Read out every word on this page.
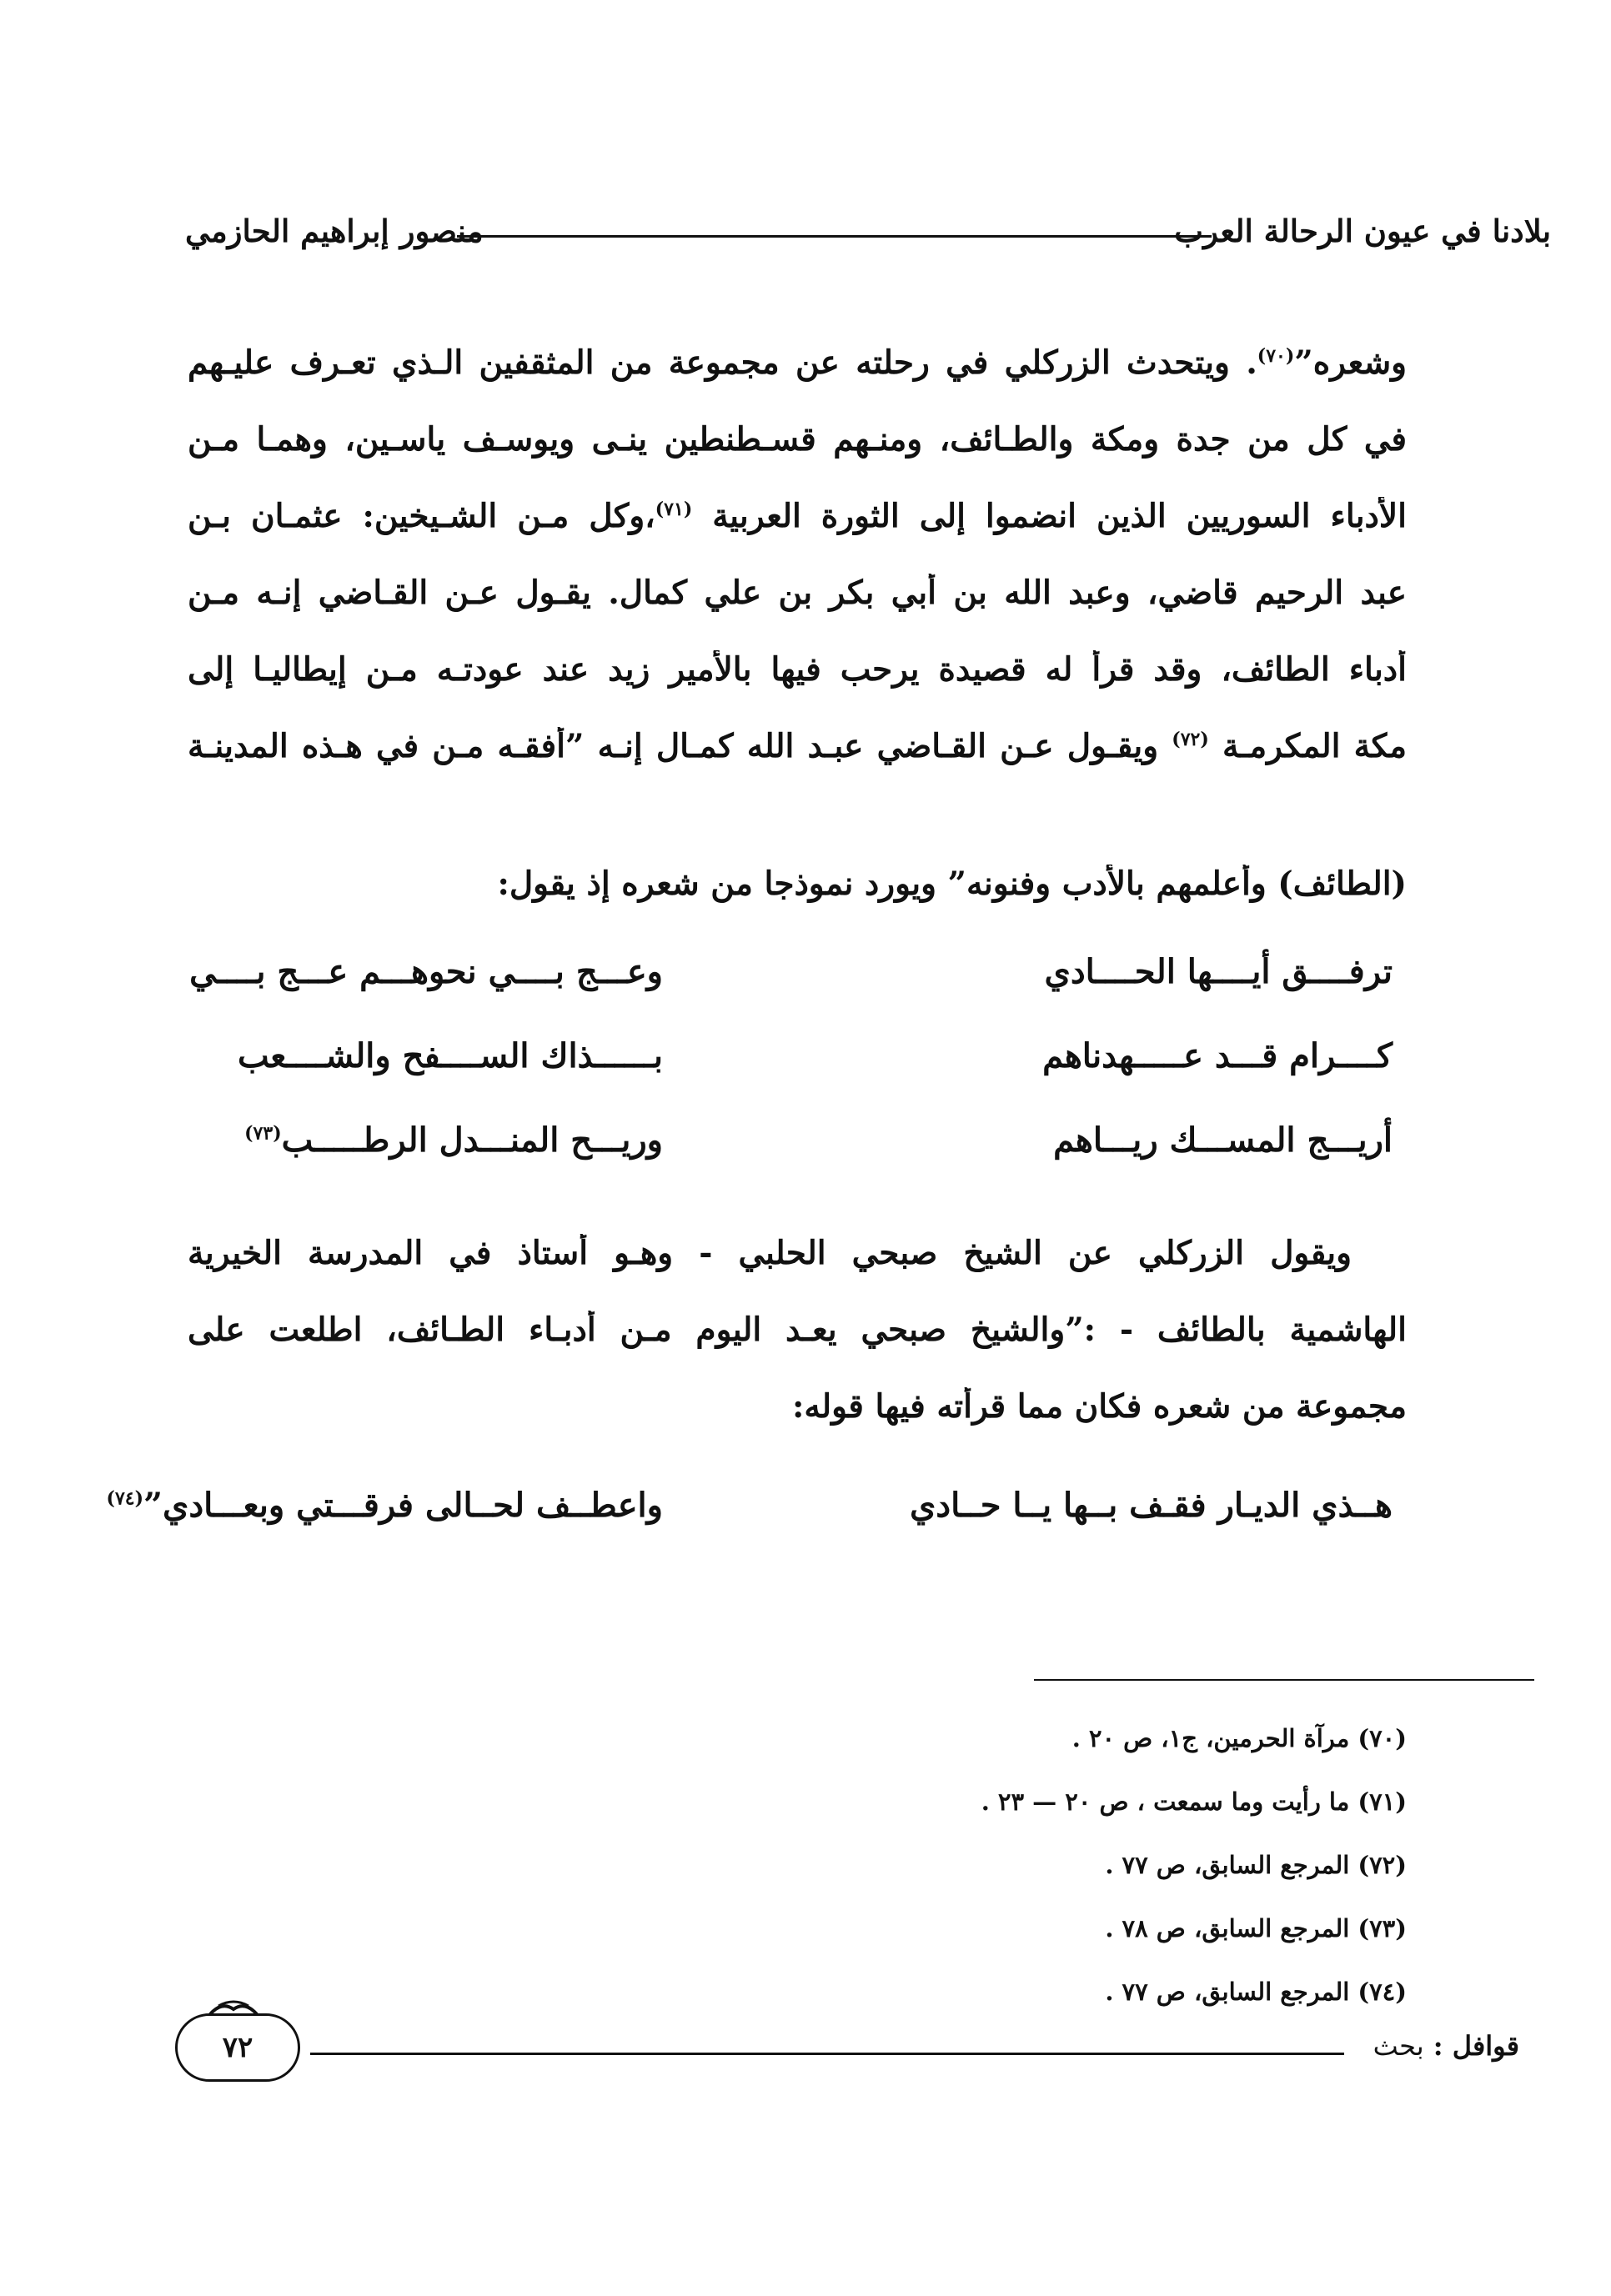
بلادنا في عيون الرحالة العرب
منصور إبراهيم الحازمي
وشعره”$^{(٧٠)}$. ويتحدث الزركلي في رحلته عن مجموعة من المثقفين الـذي تعـرف عليـهم
في كل من جدة ومكة والطـائف، ومنـهم قسـطنطين ينـى ويوسـف ياسـين، وهمـا مـن
الأدباء السوريين الذين انضموا إلى الثورة العربية $^{(٧١)}$،وكل مـن الشـيخين: عثمـان بـن
عبد الرحيم قاضي، وعبد الله بن أبي بكر بن علي كمال. يقـول عـن القـاضي إنـه مـن
أدباء الطائف، وقد قرأ له قصيدة يرحب فيها بالأمير زيد عند عودتـه مـن إيطاليـا إلى
مكة المكرمـة $^{(٧٢)}$ ويقـول عـن القـاضي عبـد الله كمـال إنـه ”أفقـه مـن في هـذه المدينـة
(الطائف) وأعلمهم بالأدب وفنونه” ويورد نموذجا من شعره إذ يقول:
ترفــــق أيــــها الحــــادي
وعـــج بــــي نحوهـــم عـــج بــــي
كــــرام قـــد عـــــهدناهم
بــــــذاك الســــفح والشــــعب
أريـــج المســـك ريـــاهم
وريـــح المنـــدل الرطـــــب$^{(٧٣)}$
ويقول الزركلي عن الشيخ صبحي الحلبي - وهـو أستاذ في المدرسة الخيرية
الهاشمية بالطائف - :”والشيخ صبحي يعـد اليوم مـن أدبـاء الطـائف، اطلعت على
مجموعة من شعره فكان مما قرأته فيها قوله:
هــذي الديـار فقـف بــها يــا حــادي
واعطــف لحــالى فرقـــتي وبعـــادي”$^{(٧٤)}$
(٧٠) مرآة الحرمين، ج١، ص ٢٠ .
(٧١) ما رأيت وما سمعت ، ص ٢٠ — ٢٣ .
(٧٢) المرجع السابق، ص ٧٧ .
(٧٣) المرجع السابق، ص ٧٨ .
(٧٤) المرجع السابق، ص ٧٧ .
قوافل : بحث
٧٢
